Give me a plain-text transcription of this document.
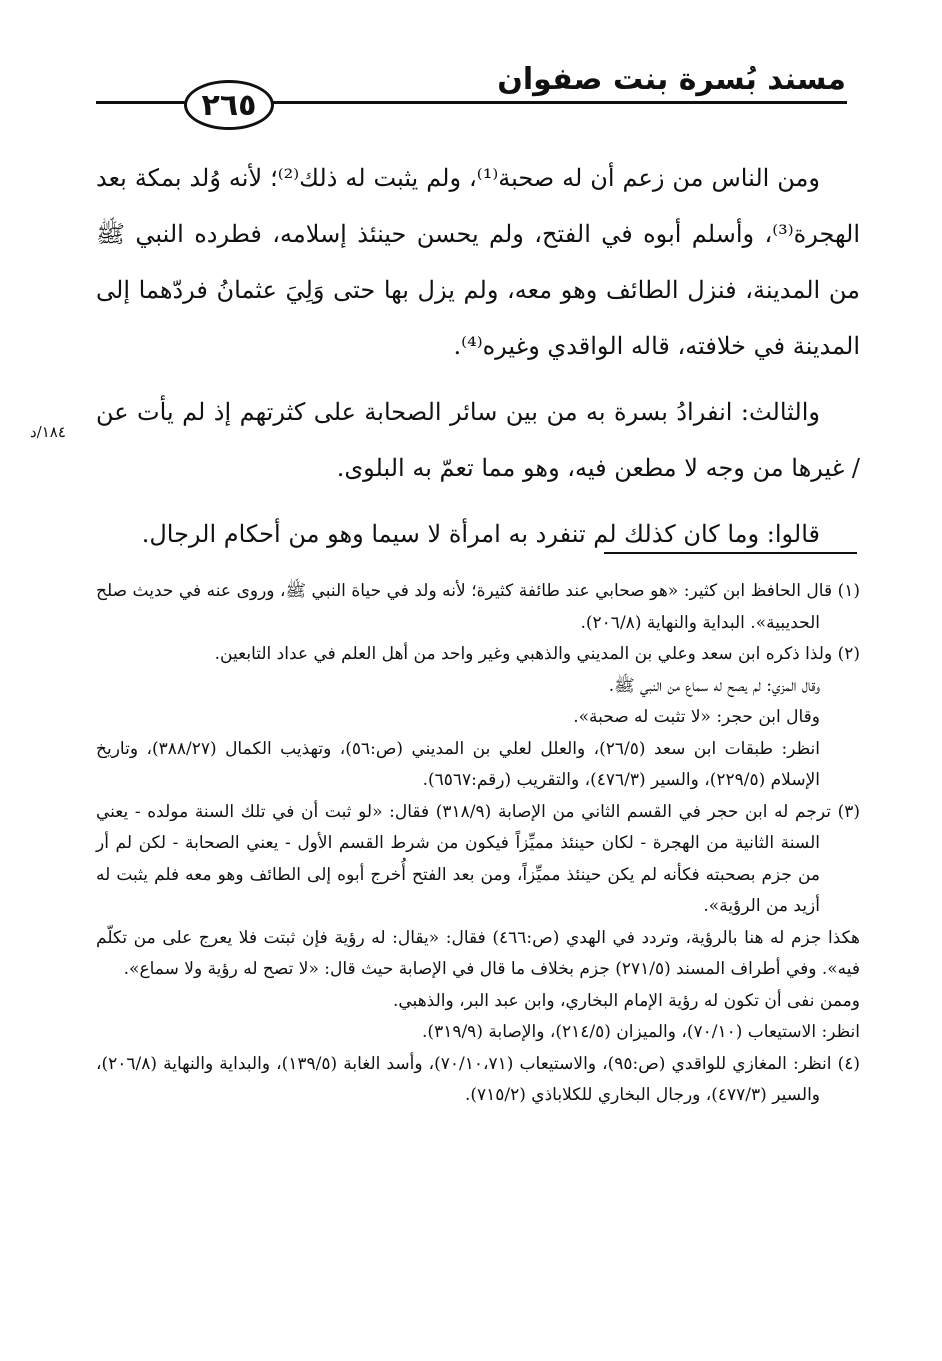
مسند بُسرة بنت صفوان
٢٦٥

ومن الناس من زعم أن له صحبة⁽¹⁾، ولم يثبت له ذلك⁽²⁾؛ لأنه وُلد بمكة بعد الهجرة⁽³⁾، وأسلم أبوه في الفتح، ولم يحسن حينئذ إسلامه، فطرده النبي ﷺ من المدينة، فنزل الطائف وهو معه، ولم يزل بها حتى وَلِيَ عثمانُ فردّهما إلى المدينة في خلافته، قاله الواقدي وغيره⁽⁴⁾.

والثالث: انفرادُ بسرة به من بين سائر الصحابة على كثرتهم إذ لم يأت عن / غيرها من وجه لا مطعن فيه، وهو مما تعمّ به البلوى.

قالوا: وما كان كذلك لم تنفرد به امرأة لا سيما وهو من أحكام الرجال.

١٨٤/د

(١) قال الحافظ ابن كثير: «هو صحابي عند طائفة كثيرة؛ لأنه ولد في حياة النبي ﷺ، وروى عنه في حديث صلح الحديبية». البداية والنهاية (٢٠٦/٨).

(٢) ولذا ذكره ابن سعد وعلي بن المديني والذهبي وغير واحد من أهل العلم في عداد التابعين.

وقال المزي: لم يصح له سماع من النبي ﷺ.

وقال ابن حجر: «لا تثبت له صحبة».

انظر: طبقات ابن سعد (٢٦/٥)، والعلل لعلي بن المديني (ص:٥٦)، وتهذيب الكمال (٣٨٨/٢٧)، وتاريخ الإسلام (٢٢٩/٥)، والسير (٤٧٦/٣)، والتقريب (رقم:٦٥٦٧).

(٣) ترجم له ابن حجر في القسم الثاني من الإصابة (٣١٨/٩) فقال: «لو ثبت أن في تلك السنة مولده - يعني السنة الثانية من الهجرة - لكان حينئذ مميِّزاً فيكون من شرط القسم الأول - يعني الصحابة - لكن لم أر من جزم بصحبته فكأنه لم يكن حينئذ مميِّزاً، ومن بعد الفتح أُخرج أبوه إلى الطائف وهو معه فلم يثبت له أزيد من الرؤية».

هكذا جزم له هنا بالرؤية، وتردد في الهدي (ص:٤٦٦) فقال: «يقال: له رؤية فإن ثبتت فلا يعرج على من تكلّم فيه». وفي أطراف المسند (٢٧١/٥) جزم بخلاف ما قال في الإصابة حيث قال: «لا تصح له رؤية ولا سماع».

وممن نفى أن تكون له رؤية الإمام البخاري، وابن عبد البر، والذهبي.

انظر: الاستيعاب (٧٠/١٠)، والميزان (٢١٤/٥)، والإصابة (٣١٩/٩).

(٤) انظر: المغازي للواقدي (ص:٩٥)، والاستيعاب (٧٠/١٠،٧١)، وأسد الغابة (١٣٩/٥)، والبداية والنهاية (٢٠٦/٨)، والسير (٤٧٧/٣)، ورجال البخاري للكلاباذي (٧١٥/٢).
